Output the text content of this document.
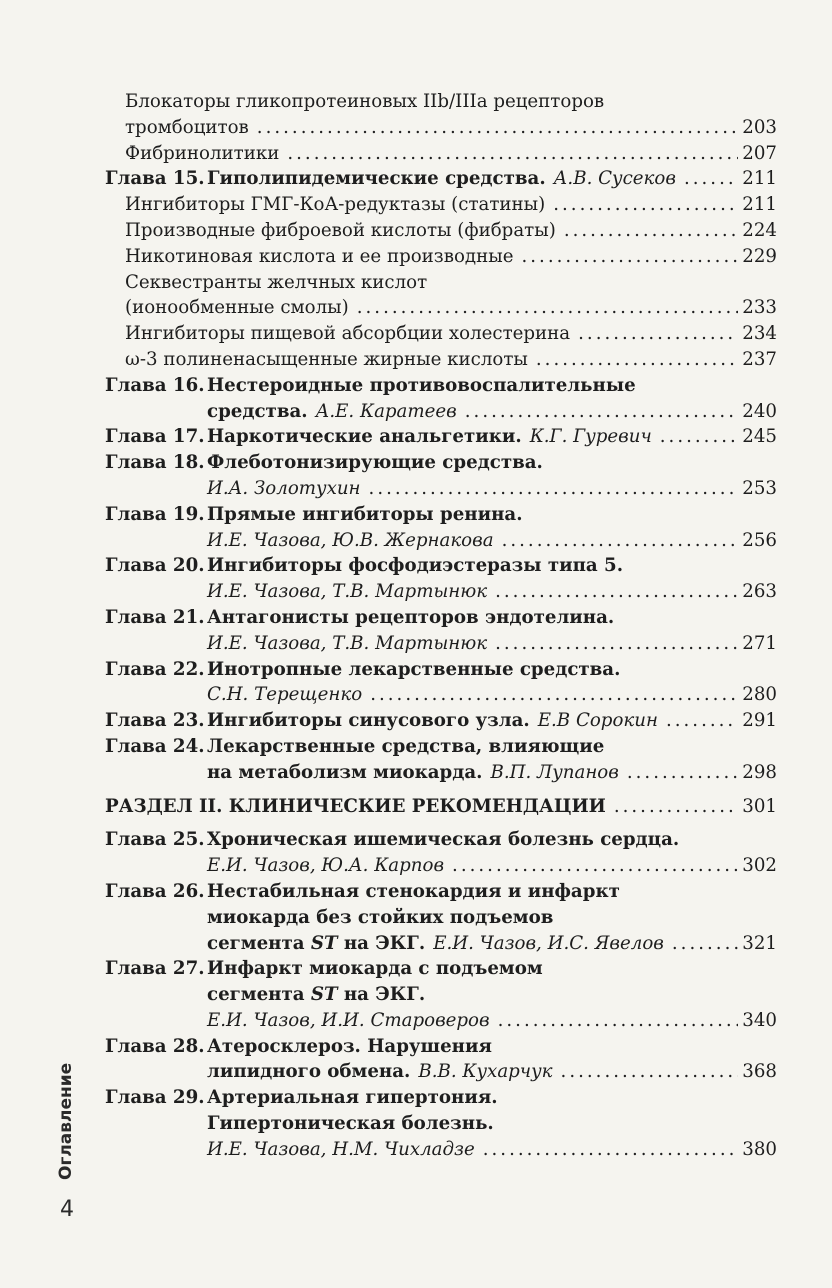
Блокаторы гликопротеиновых IIb/IIIa рецепторов
тромбоцитов .....	203
Фибринолитики .....	207
Глава 15. Гиполипидемические средства. А.В. Сусеков .....	211
Ингибиторы ГМГ-КоА-редуктазы (статины) .....	211
Производные фиброевой кислоты (фибраты) .....	224
Никотиновая кислота и ее производные .....	229
Секвестранты желчных кислот
(ионообменные смолы) .....	233
Ингибиторы пищевой абсорбции холестерина .....	234
ω-3 полиненасыщенные жирные кислоты .....	237
Глава 16. Нестероидные противовоспалительные
средства. А.Е. Каратеев .....	240
Глава 17. Наркотические анальгетики. К.Г. Гуревич .....	245
Глава 18. Флеботонизирующие средства.
И.А. Золотухин .....	253
Глава 19. Прямые ингибиторы ренина.
И.Е. Чазова, Ю.В. Жернакова .....	256
Глава 20. Ингибиторы фосфодиэстеразы типа 5.
И.Е. Чазова, Т.В. Мартынюк .....	263
Глава 21. Антагонисты рецепторов эндотелина.
И.Е. Чазова, Т.В. Мартынюк .....	271
Глава 22. Инотропные лекарственные средства.
С.Н. Терещенко .....	280
Глава 23. Ингибиторы синусового узла. Е.В Сорокин .....	291
Глава 24. Лекарственные средства, влияющие
на метаболизм миокарда. В.П. Лупанов .....	298
РАЗДЕЛ II. КЛИНИЧЕСКИЕ РЕКОМЕНДАЦИИ .....	301
Глава 25. Хроническая ишемическая болезнь сердца.
Е.И. Чазов, Ю.А. Карпов .....	302
Глава 26. Нестабильная стенокардия и инфаркт
миокарда без стойких подъемов
сегмента ST на ЭКГ. Е.И. Чазов, И.С. Явелов .....	321
Глава 27. Инфаркт миокарда с подъемом
сегмента ST на ЭКГ.
Е.И. Чазов, И.И. Староверов .....	340
Глава 28. Атеросклероз. Нарушения
липидного обмена. В.В. Кухарчук .....	368
Глава 29. Артериальная гипертония.
Гипертоническая болезнь.
И.Е. Чазова, Н.М. Чихладзе .....	380
Оглавление
4
